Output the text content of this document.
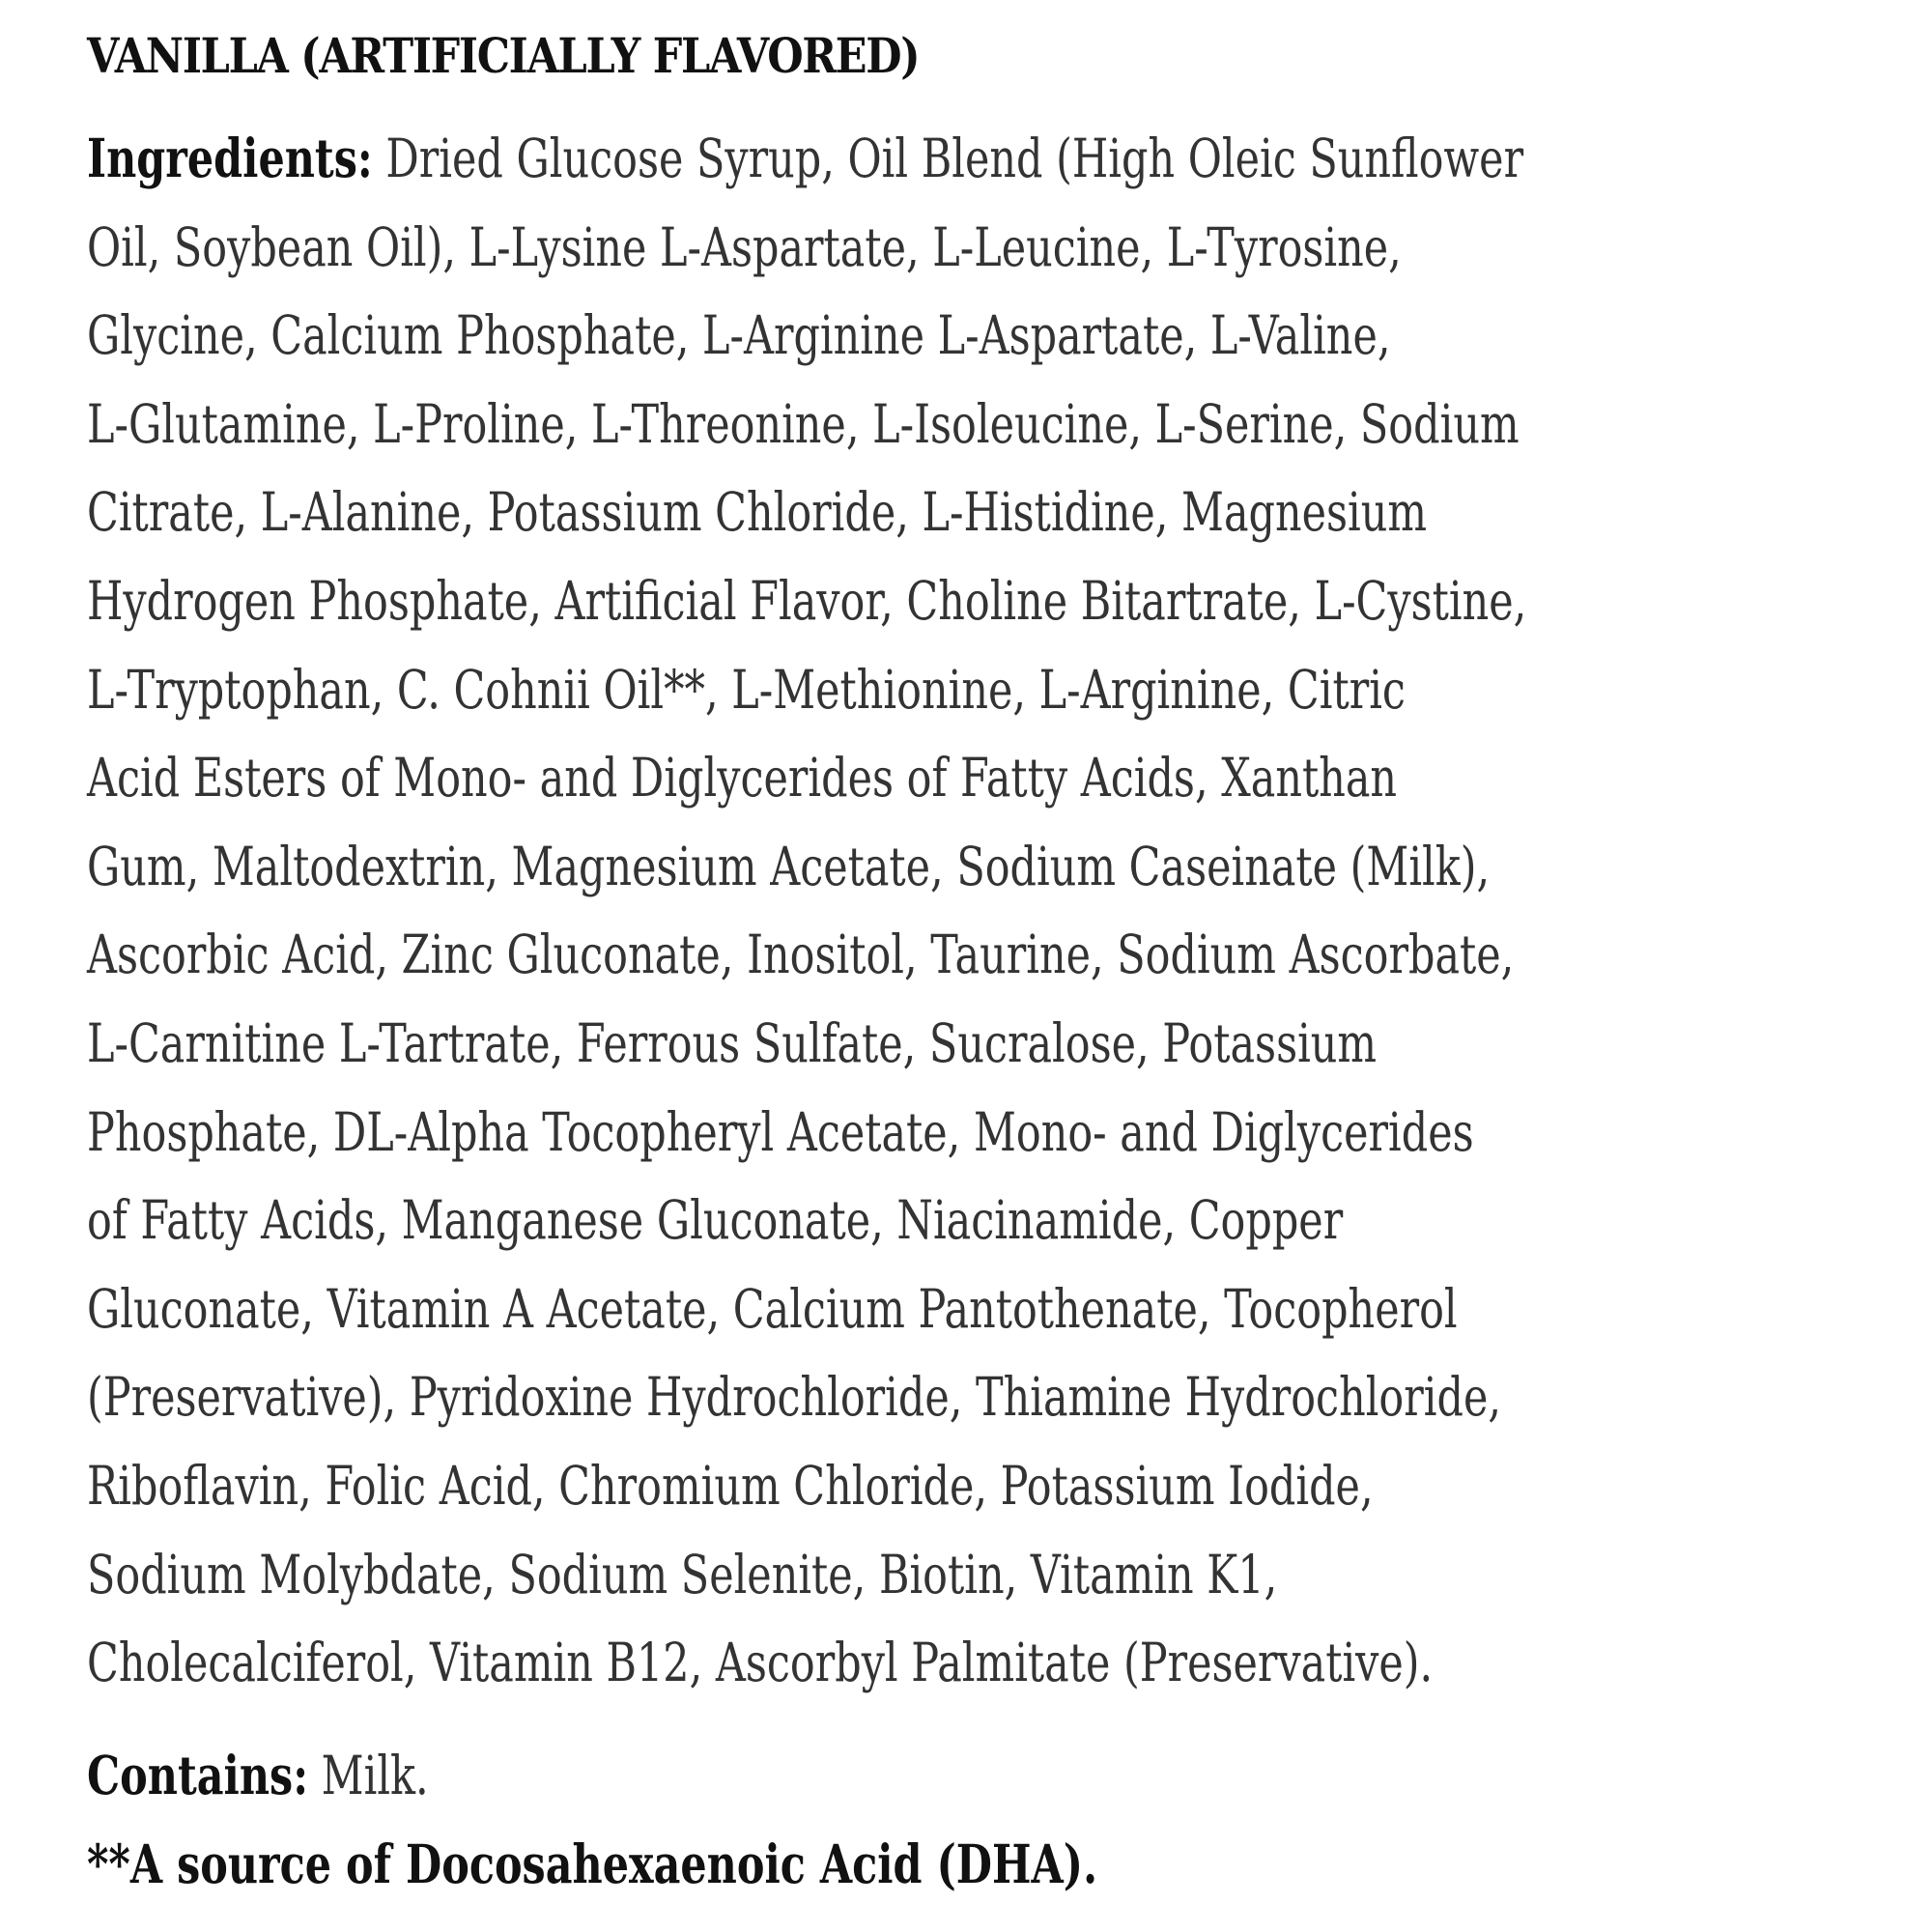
VANILLA (ARTIFICIALLY FLAVORED)
Ingredients: Dried Glucose Syrup, Oil Blend (High Oleic Sunflower
Oil, Soybean Oil), L-Lysine L-Aspartate, L-Leucine, L-Tyrosine,
Glycine, Calcium Phosphate, L-Arginine L-Aspartate, L-Valine,
L-Glutamine, L-Proline, L-Threonine, L-Isoleucine, L-Serine, Sodium
Citrate, L-Alanine, Potassium Chloride, L-Histidine, Magnesium
Hydrogen Phosphate, Artificial Flavor, Choline Bitartrate, L-Cystine,
L-Tryptophan, C. Cohnii Oil**, L-Methionine, L-Arginine, Citric
Acid Esters of Mono- and Diglycerides of Fatty Acids, Xanthan
Gum, Maltodextrin, Magnesium Acetate, Sodium Caseinate (Milk),
Ascorbic Acid, Zinc Gluconate, Inositol, Taurine, Sodium Ascorbate,
L-Carnitine L-Tartrate, Ferrous Sulfate, Sucralose, Potassium
Phosphate, DL-Alpha Tocopheryl Acetate, Mono- and Diglycerides
of Fatty Acids, Manganese Gluconate, Niacinamide, Copper
Gluconate, Vitamin A Acetate, Calcium Pantothenate, Tocopherol
(Preservative), Pyridoxine Hydrochloride, Thiamine Hydrochloride,
Riboflavin, Folic Acid, Chromium Chloride, Potassium Iodide,
Sodium Molybdate, Sodium Selenite, Biotin, Vitamin K1,
Cholecalciferol, Vitamin B12, Ascorbyl Palmitate (Preservative).
Contains: Milk.
**A source of Docosahexaenoic Acid (DHA).
